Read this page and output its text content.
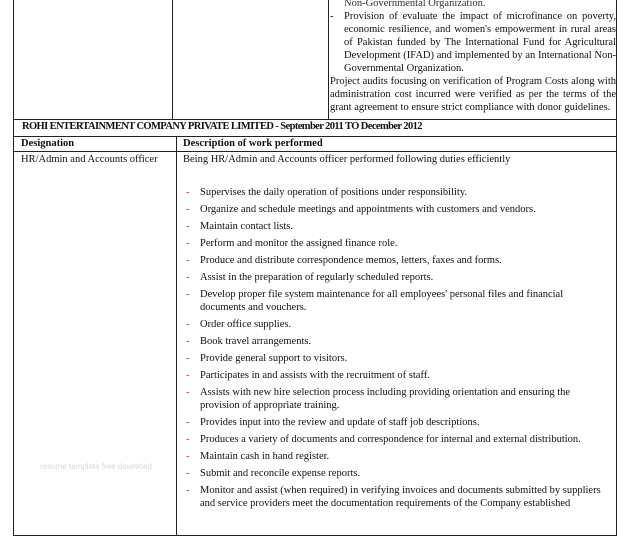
Non-Governmental Organization.
- Provision of evaluate the impact of microfinance on poverty, economic resilience, and women's empowerment in rural areas of Pakistan funded by The International Fund for Agricultural Development (IFAD) and implemented by an International Non-Governmental Organization.
Project audits focusing on verification of Program Costs along with administration cost incurred were verified as per the terms of the grant agreement to ensure strict compliance with donor guidelines.
ROHI ENTERTAINMENT COMPANY PRIVATE LIMITED - September 2011 TO December 2012
Designation	Description of work performed
HR/Admin and Accounts officer Being HR/Admin and Accounts officer performed following duties efficiently
- Supervises the daily operation of positions under responsibility.
- Organize and schedule meetings and appointments with customers and vendors.
- Maintain contact lists.
- Perform and monitor the assigned finance role.
- Produce and distribute correspondence memos, letters, faxes and forms.
- Assist in the preparation of regularly scheduled reports.
- Develop proper file system maintenance for all employees' personal files and financial documents and vouchers.
- Order office supplies.
- Book travel arrangements.
- Provide general support to visitors.
- Participates in and assists with the recruitment of staff.
- Assists with new hire selection process including providing orientation and ensuring the provision of appropriate training.
- Provides input into the review and update of staff job descriptions.
- Produces a variety of documents and correspondence for internal and external distribution.
- Maintain cash in hand register.
- Submit and reconcile expense reports.
- Monitor and assist (when required) in verifying invoices and documents submitted by suppliers and service providers meet the documentation requirements of the Company established
resume template free download
